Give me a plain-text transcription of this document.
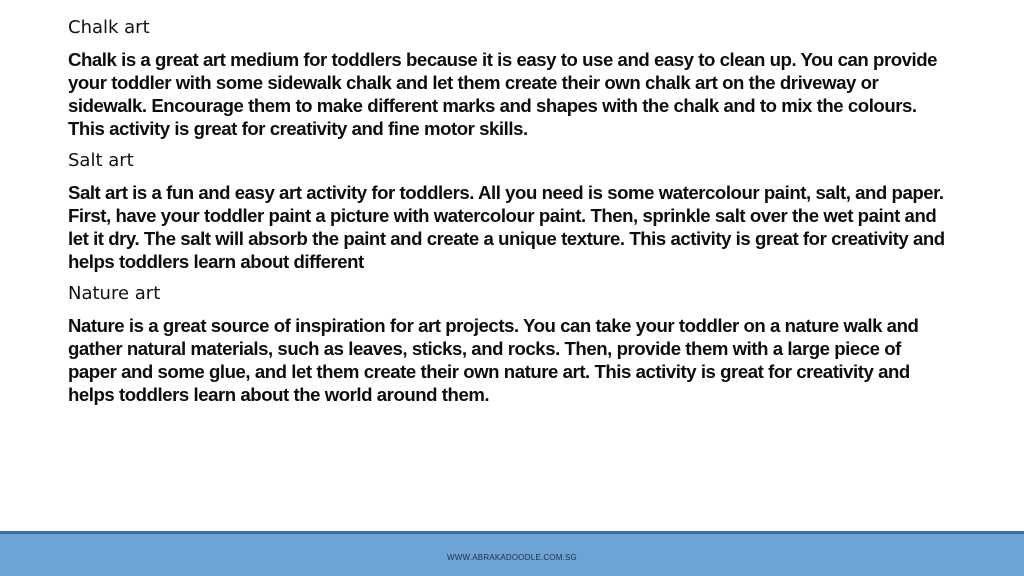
Chalk art

Chalk is a great art medium for toddlers because it is easy to use and easy to clean up. You can provide your toddler with some sidewalk chalk and let them create their own chalk art on the driveway or sidewalk. Encourage them to make different marks and shapes with the chalk and to mix the colours. This activity is great for creativity and fine motor skills.

Salt art

Salt art is a fun and easy art activity for toddlers. All you need is some watercolour paint, salt, and paper. First, have your toddler paint a picture with watercolour paint. Then, sprinkle salt over the wet paint and let it dry. The salt will absorb the paint and create a unique texture. This activity is great for creativity and helps toddlers learn about different

Nature art

Nature is a great source of inspiration for art projects. You can take your toddler on a nature walk and gather natural materials, such as leaves, sticks, and rocks. Then, provide them with a large piece of paper and some glue, and let them create their own nature art. This activity is great for creativity and helps toddlers learn about the world around them.

WWW.ABRAKADOODLE.COM.SG
